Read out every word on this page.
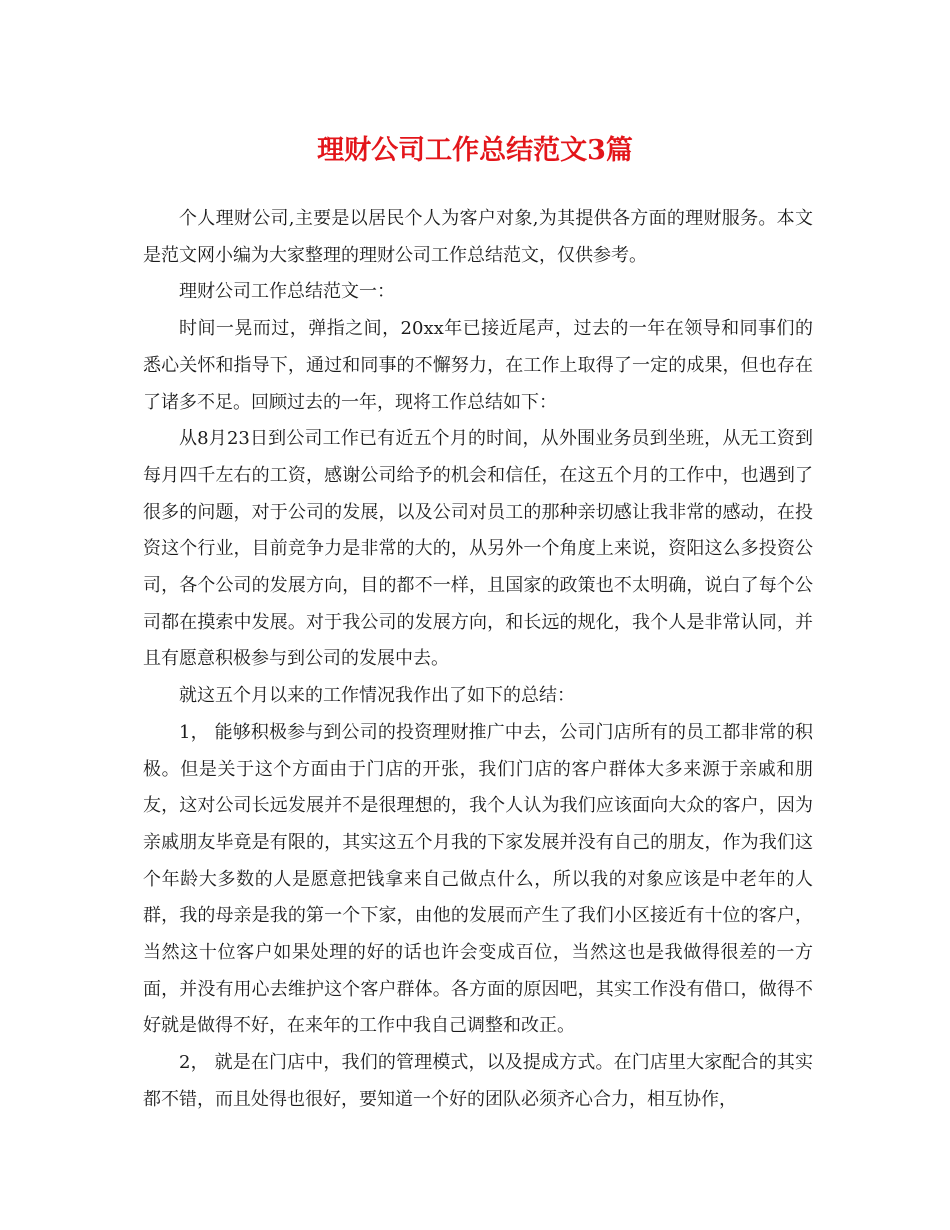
理财公司工作总结范文3篇

个人理财公司,主要是以居民个人为客户对象,为其提供各方面的理财服务。本文是范文网小编为大家整理的理财公司工作总结范文，仅供参考。

理财公司工作总结范文一：

时间一晃而过，弹指之间，20xx年已接近尾声，过去的一年在领导和同事们的悉心关怀和指导下，通过和同事的不懈努力，在工作上取得了一定的成果，但也存在了诸多不足。回顾过去的一年，现将工作总结如下：

从8月23日到公司工作已有近五个月的时间，从外围业务员到坐班，从无工资到每月四千左右的工资，感谢公司给予的机会和信任，在这五个月的工作中，也遇到了很多的问题，对于公司的发展，以及公司对员工的那种亲切感让我非常的感动，在投资这个行业，目前竞争力是非常的大的，从另外一个角度上来说，资阳这么多投资公司，各个公司的发展方向，目的都不一样，且国家的政策也不太明确，说白了每个公司都在摸索中发展。对于我公司的发展方向，和长远的规化，我个人是非常认同，并且有愿意积极参与到公司的发展中去。

就这五个月以来的工作情况我作出了如下的总结：

1， 能够积极参与到公司的投资理财推广中去，公司门店所有的员工都非常的积极。但是关于这个方面由于门店的开张，我们门店的客户群体大多来源于亲戚和朋友，这对公司长远发展并不是很理想的，我个人认为我们应该面向大众的客户，因为亲戚朋友毕竟是有限的，其实这五个月我的下家发展并没有自己的朋友，作为我们这个年龄大多数的人是愿意把钱拿来自己做点什么，所以我的对象应该是中老年的人群，我的母亲是我的第一个下家，由他的发展而产生了我们小区接近有十位的客户，当然这十位客户如果处理的好的话也许会变成百位，当然这也是我做得很差的一方面，并没有用心去维护这个客户群体。各方面的原因吧，其实工作没有借口，做得不好就是做得不好，在来年的工作中我自己调整和改正。

2， 就是在门店中，我们的管理模式，以及提成方式。在门店里大家配合的其实都不错，而且处得也很好，要知道一个好的团队必须齐心合力，相互协作，
